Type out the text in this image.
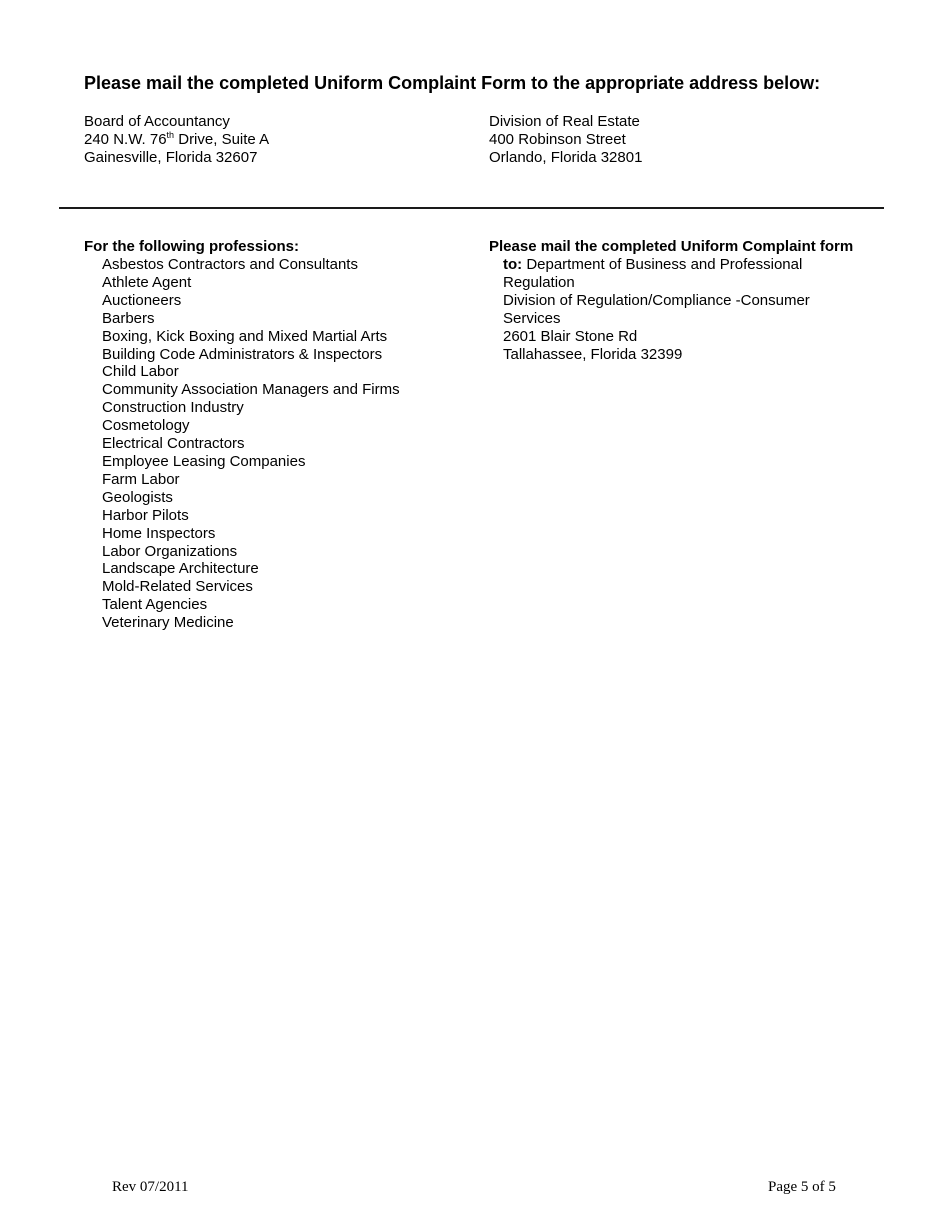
Please mail the completed Uniform Complaint Form to the appropriate address below:
Board of Accountancy
240 N.W. 76th Drive, Suite A
Gainesville, Florida 32607
Division of Real Estate
400 Robinson Street
Orlando, Florida 32801
For the following professions:
Asbestos Contractors and Consultants
Athlete Agent
Auctioneers
Barbers
Boxing, Kick Boxing and Mixed Martial Arts
Building Code Administrators & Inspectors
Child Labor
Community Association Managers and Firms
Construction Industry
Cosmetology
Electrical Contractors
Employee Leasing Companies
Farm Labor
Geologists
Harbor Pilots
Home Inspectors
Labor Organizations
Landscape Architecture
Mold-Related Services
Talent Agencies
Veterinary Medicine
Please mail the completed Uniform Complaint form
to: Department of Business and Professional
Regulation
Division of Regulation/Compliance -Consumer
Services
2601 Blair Stone Rd
Tallahassee, Florida 32399
Rev 07/2011	Page 5 of 5
